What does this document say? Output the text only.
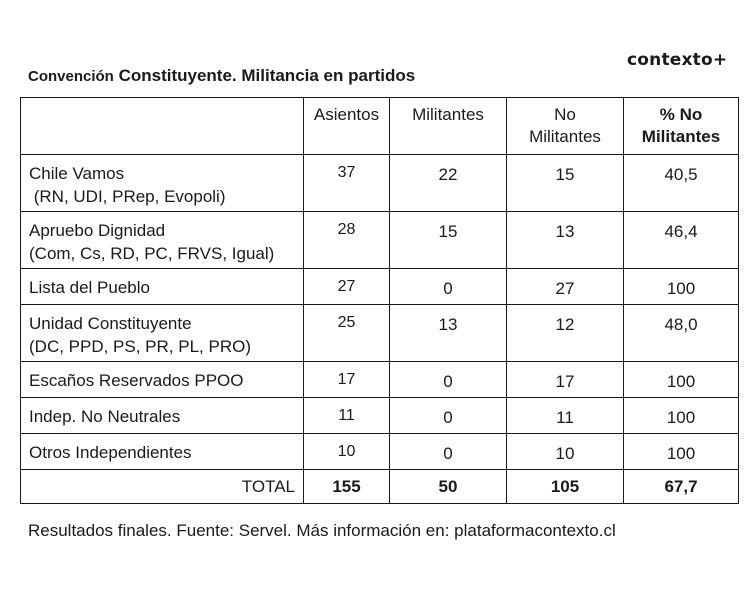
contexto+
Convención Constituyente. Militancia en partidos

	Asientos	Militantes	No Militantes	% No Militantes

Chile Vamos
(RN, UDI, PRep, Evopoli)	37	22	15	40,5

Apruebo Dignidad
(Com, Cs, RD, PC, FRVS, Igual)	28	15	13	46,4

Lista del Pueblo	27	0	27	100

Unidad Constituyente
(DC, PPD, PS, PR, PL, PRO)	25	13	12	48,0

Escaños Reservados PPOO	17	0	17	100

Indep. No Neutrales	11	0	11	100

Otros Independientes	10	0	10	100

TOTAL	155	50	105	67,7
Resultados finales. Fuente: Servel. Más información en: plataformacontexto.cl
